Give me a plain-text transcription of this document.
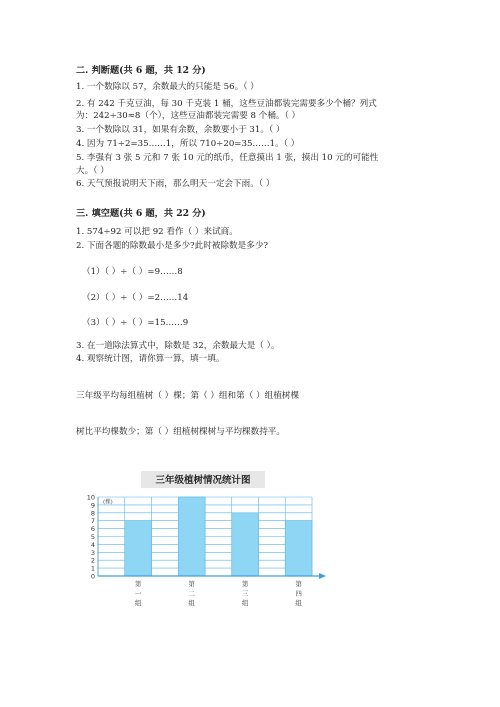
二. 判断题(共 6 题，共 12 分)
1. 一个数除以 57，余数最大的只能是 56。（ ）
2. 有 242 千克豆油，每 30 千克装 1 桶，这些豆油都装完需要多少个桶？列式
为：242÷30≈8（个），这些豆油都装完需要 8 个桶。（ ）
3. 一个数除以 31，如果有余数，余数要小于 31。（ ）
4. 因为 71÷2=35……1，所以 710÷20=35……1。（ ）
5. 李强有 3 张 5 元和 7 张 10 元的纸币，任意摸出 1 张，摸出 10 元的可能性
大。（ ）
6. 天气预报说明天下雨，那么明天一定会下雨。（ ）
三. 填空题(共 6 题，共 22 分)
1. 574÷92 可以把 92 看作（ ）来试商。
2. 下面各题的除数最小是多少?此时被除数是多少?
（1）（ ）÷（ ）=9……8
（2）（ ）÷（ ）=2……14
（3）（ ）÷（ ）=15……9
3. 在一道除法算式中，除数是 32，余数最大是（ ）。
4. 观察统计图，请你算一算，填一填。
三年级平均每组植树（ ）棵；第（ ）组和第（ ）组植树棵
树比平均棵数少；第（ ）组植树棵树与平均棵数持平。
三年级植树情况统计图
0
1
2
3
4
5
6
7
8
9
10
(棵)
第一组
第二组
第三组
第四组
